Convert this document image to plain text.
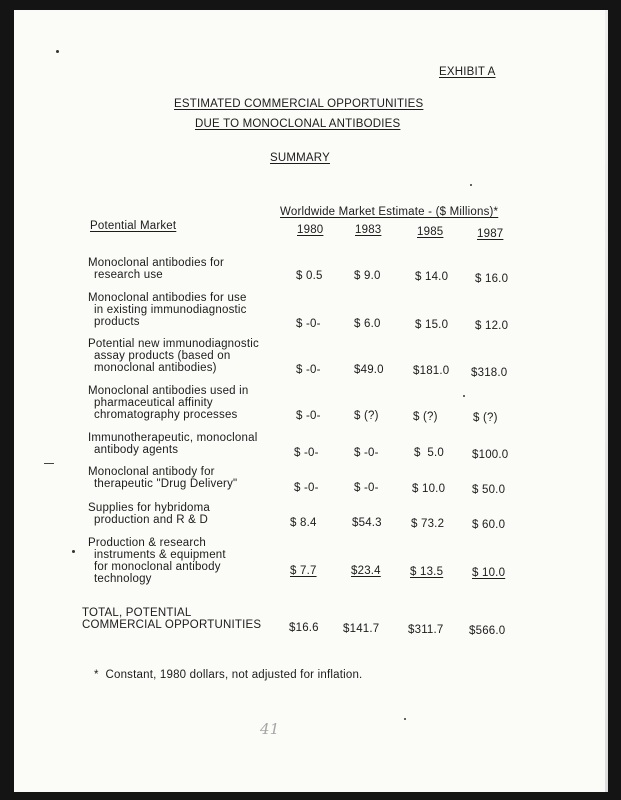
EXHIBIT A
ESTIMATED COMMERCIAL OPPORTUNITIES
DUE TO MONOCLONAL ANTIBODIES
SUMMARY
Worldwide Market Estimate - ($ Millions)*
Potential Market	1980	1983	1985	1987
Monoclonal antibodies for
research use	$ 0.5	$ 9.0	$ 14.0 $ 16.0
Monoclonal antibodies for use
in existing immunodiagnostic
products	$ -0-	$ 6.0	$ 15.0 $ 12.0
Potential new immunodiagnostic
assay products (based on
monoclonal antibodies)	$ -0-	$49.0	$181.0 $318.0
Monoclonal antibodies used in
pharmaceutical affinity
chromatography processes	$ -0-	$ (?)	$ (?)	$ (?)
Immunotherapeutic, monoclonal
antibody agents	$ -0-	$ -0-	$  5.0 $100.0
Monoclonal antibody for
therapeutic "Drug Delivery"	$ -0-	$ -0-	$ 10.0 $ 50.0
Supplies for hybridoma
production and R & D	$ 8.4	$54.3	$ 73.2 $ 60.0
Production & research
instruments & equipment
for monoclonal antibody
technology
$ 7.7	$23.4	$ 13.5	$ 10.0
TOTAL, POTENTIAL
COMMERCIAL OPPORTUNITIES	$16.6 $141.7 $311.7 $566.0
*  Constant, 1980 dollars, not adjusted for inflation.
41
